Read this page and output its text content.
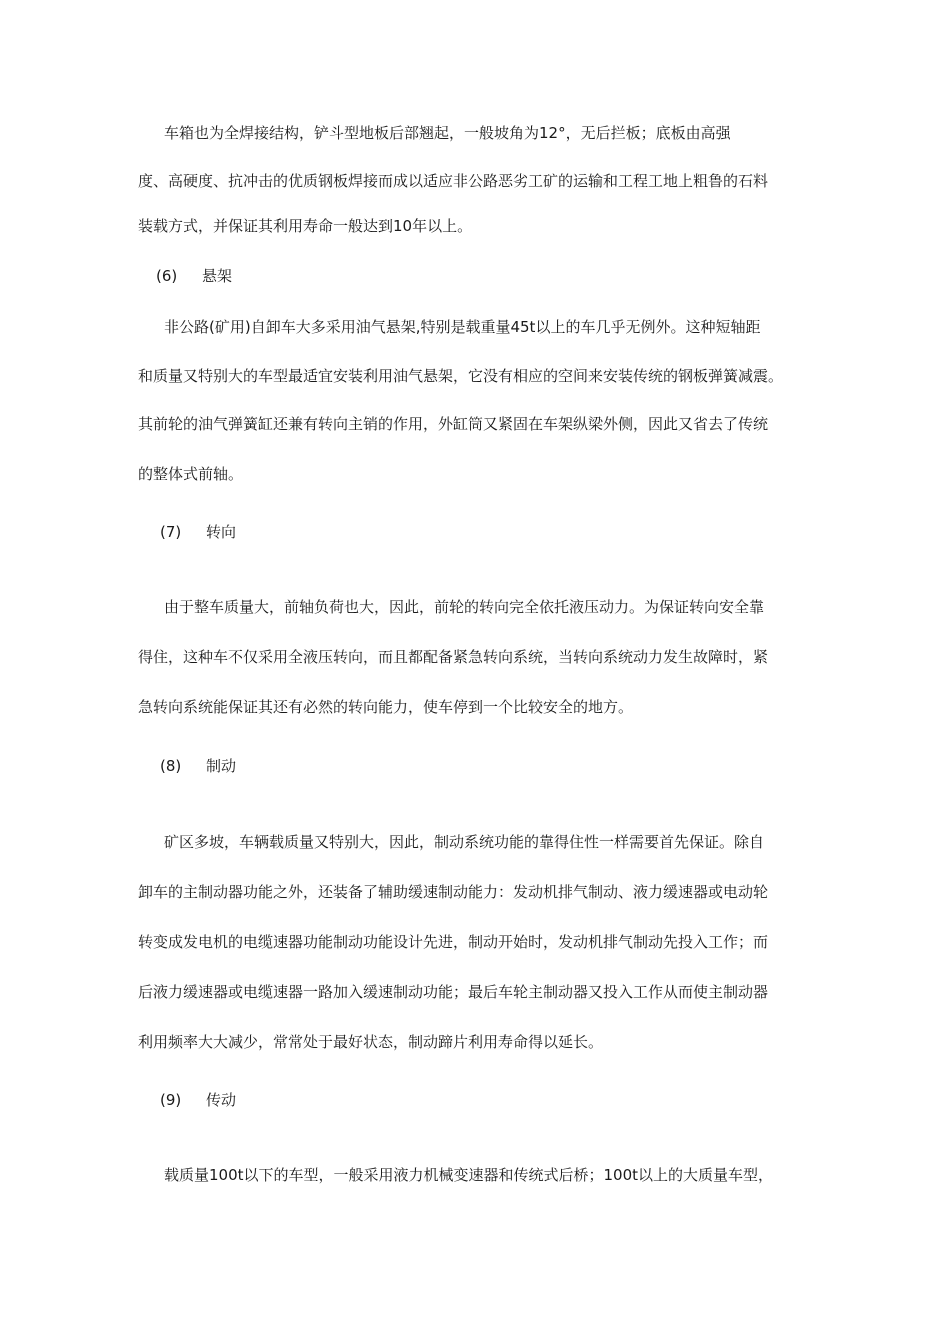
车箱也为全焊接结构，铲斗型地板后部翘起，一般坡角为12°，无后拦板；底板由高强
度、高硬度、抗冲击的优质钢板焊接而成以适应非公路恶劣工矿的运输和工程工地上粗鲁的石料
装载方式，并保证其利用寿命一般达到10年以上。
(6) 悬架
非公路(矿用)自卸车大多采用油气悬架,特别是载重量45t以上的车几乎无例外。这种短轴距
和质量又特别大的车型最适宜安装利用油气悬架，它没有相应的空间来安装传统的钢板弹簧减震。
其前轮的油气弹簧缸还兼有转向主销的作用，外缸筒又紧固在车架纵梁外侧，因此又省去了传统
的整体式前轴。
(7) 转向
由于整车质量大，前轴负荷也大，因此，前轮的转向完全依托液压动力。为保证转向安全靠
得住，这种车不仅采用全液压转向，而且都配备紧急转向系统，当转向系统动力发生故障时，紧
急转向系统能保证其还有必然的转向能力，使车停到一个比较安全的地方。
(8) 制动
矿区多坡，车辆载质量又特别大，因此，制动系统功能的靠得住性一样需要首先保证。除自
卸车的主制动器功能之外，还装备了辅助缓速制动能力：发动机排气制动、液力缓速器或电动轮
转变成发电机的电缆速器功能制动功能设计先进，制动开始时，发动机排气制动先投入工作；而
后液力缓速器或电缆速器一路加入缓速制动功能；最后车轮主制动器又投入工作从而使主制动器
利用频率大大减少，常常处于最好状态，制动蹄片利用寿命得以延长。
(9) 传动
载质量100t以下的车型，一般采用液力机械变速器和传统式后桥；100t以上的大质量车型，
